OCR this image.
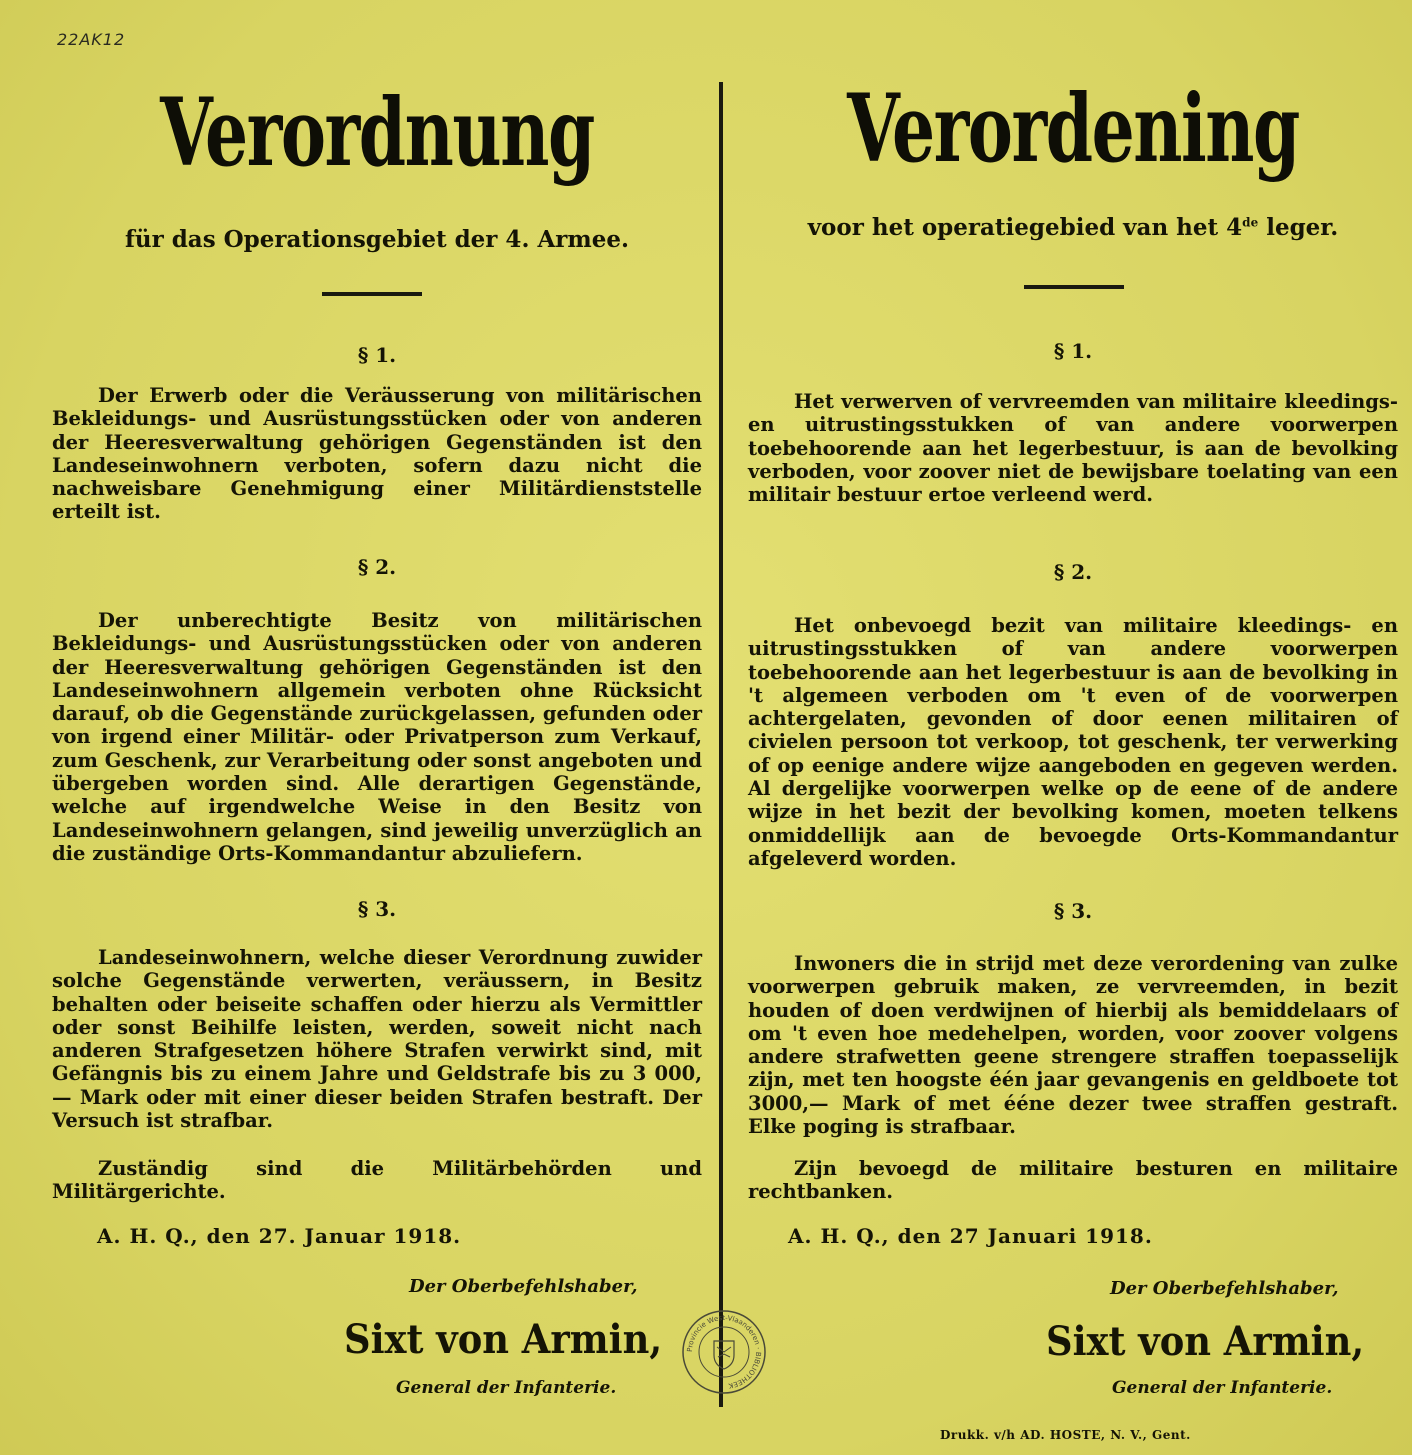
22AK12
Verordnung
für das Operationsgebiet der 4. Armee.
§ 1.

Der Erwerb oder die Veräusserung von militärischen Bekleidungs- und Ausrüstungsstücken oder von anderen der Heeresverwaltung gehörigen Gegenständen ist den Landeseinwohnern verboten, sofern dazu nicht die nachweisbare Genehmigung einer Militärdienststelle erteilt ist.

§ 2.

Der unberechtigte Besitz von militärischen Bekleidungs- und Ausrüstungsstücken oder von anderen der Heeresverwaltung gehörigen Gegenständen ist den Landeseinwohnern allgemein verboten ohne Rücksicht darauf, ob die Gegenstände zurückgelassen, gefunden oder von irgend einer Militär- oder Privatperson zum Verkauf, zum Geschenk, zur Verarbeitung oder sonst angeboten und übergeben worden sind. Alle derartigen Gegenstände, welche auf irgendwelche Weise in den Besitz von Landeseinwohnern gelangen, sind jeweilig unverzüglich an die zuständige Orts-Kommandantur abzuliefern.

§ 3.

Landeseinwohnern, welche dieser Verordnung zuwider solche Gegenstände verwerten, veräussern, in Besitz behalten oder beiseite schaffen oder hierzu als Vermittler oder sonst Beihilfe leisten, werden, soweit nicht nach anderen Strafgesetzen höhere Strafen verwirkt sind, mit Gefängnis bis zu einem Jahre und Geldstrafe bis zu 3 000,— Mark oder mit einer dieser beiden Strafen bestraft. Der Versuch ist strafbar.

Zuständig sind die Militärbehörden und Militärgerichte.

A. H. Q., den 27. Januar 1918.
Der Oberbefehlshaber,
Sixt von Armin,
General der Infanterie.
Verordening
voor het operatiegebied van het 4de leger.
§ 1.

Het verwerven of vervreemden van militaire kleedings- en uitrustingsstukken of van andere voorwerpen toebehoorende aan het legerbestuur, is aan de bevolking verboden, voor zoover niet de bewijsbare toelating van een militair bestuur ertoe verleend werd.

§ 2.

Het onbevoegd bezit van militaire kleedings- en uitrustingsstukken of van andere voorwerpen toebehoorende aan het legerbestuur is aan de bevolking in 't algemeen verboden om 't even of de voorwerpen achtergelaten, gevonden of door eenen militairen of civielen persoon tot verkoop, tot geschenk, ter verwerking of op eenige andere wijze aangeboden en gegeven werden. Al dergelijke voorwerpen welke op de eene of de andere wijze in het bezit der bevolking komen, moeten telkens onmiddellijk aan de bevoegde Orts-Kommandantur afgeleverd worden.

§ 3.

Inwoners die in strijd met deze verordening van zulke voorwerpen gebruik maken, ze vervreemden, in bezit houden of doen verdwijnen of hierbij als bemiddelaars of om 't even hoe medehelpen, worden, voor zoover volgens andere strafwetten geene strengere straffen toepasselijk zijn, met ten hoogste één jaar gevangenis en geldboete tot 3000,— Mark of met ééne dezer twee straffen gestraft. Elke poging is strafbaar.

Zijn bevoegd de militaire besturen en militaire rechtbanken.

A. H. Q., den 27 Januari 1918.
Der Oberbefehlshaber,
Sixt von Armin,
General der Infanterie.
Provincie West-Vlaanderen · BIBLIOTHEEK
Drukk. v/h AD. HOSTE, N. V., Gent.
